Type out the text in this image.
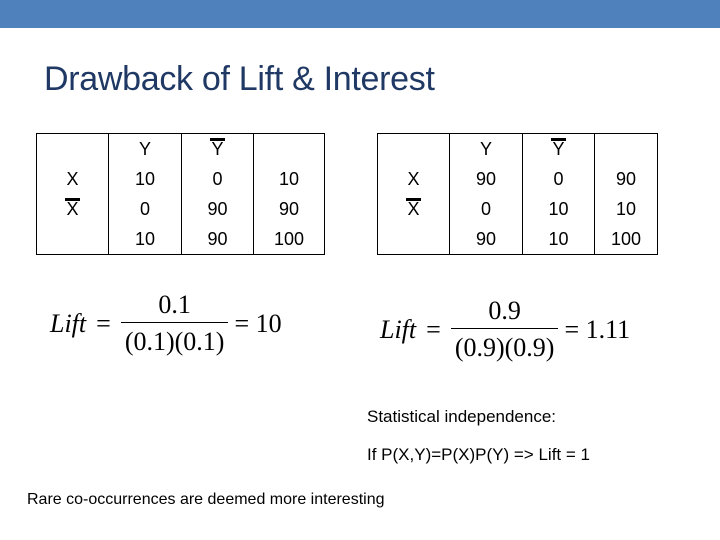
Drawback of Lift & Interest
	Y	Y	
X	10	0	10
X	0	90	90
	10	90	100
	Y	Y	
X	90	0	90
X	0	10	10
	90	10	100
Lift = $\frac{0.1}{(0.1)(0.1)} = 10$	Lift = $\frac{0.9}{(0.9)(0.9)} = 1.11$
Statistical independence:
If P(X,Y)=P(X)P(Y) => Lift = 1
Rare co-occurrences are deemed more interesting
